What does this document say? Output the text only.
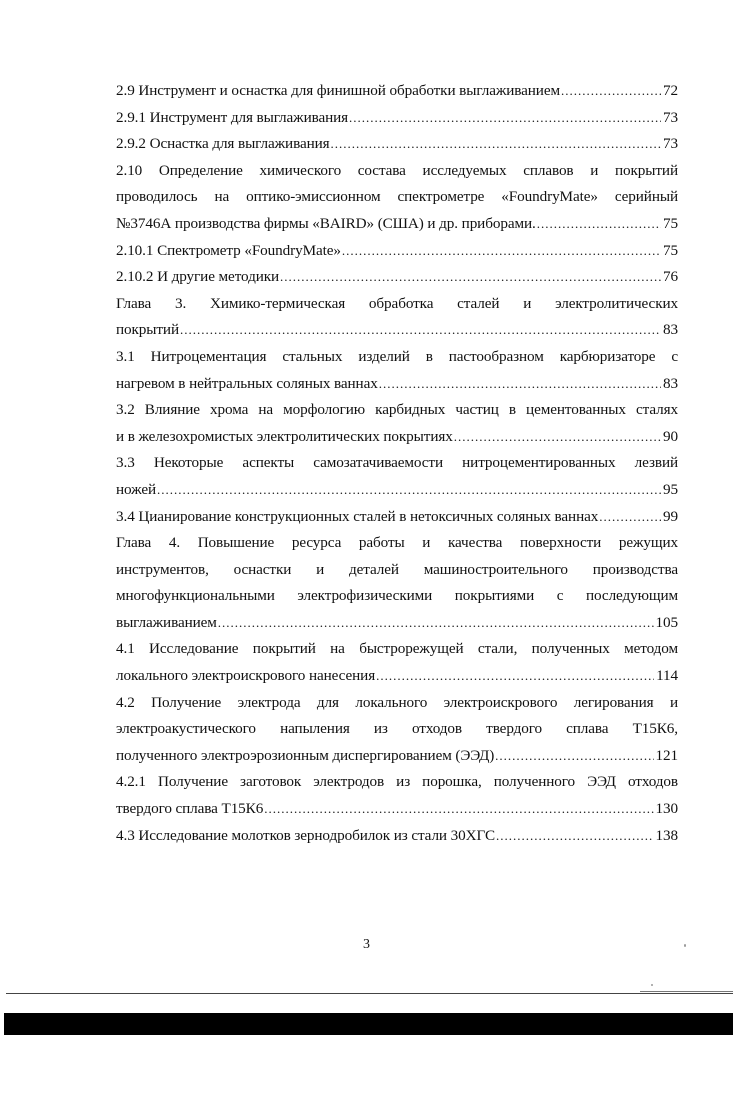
2.9 Инструмент и оснастка для финишной обработки выглаживанием .....	72
2.9.1 Инструмент для выглаживания .....	73
2.9.2 Оснастка для выглаживания .....	73
2.10 Определение химического состава исследуемых сплавов и покрытий
проводилось на оптико-эмиссионном спектрометре «FoundryMate» серийный
№3746А производства фирмы «BAIRD» (США) и др. приборами. .....	75
2.10.1 Спектрометр «FoundryMate» .....	75
2.10.2 И другие методики .....	76
Глава 3. Химико-термическая обработка сталей и электролитических
покрытий .....	83
3.1 Нитроцементация стальных изделий в пастообразном карбюризаторе с
нагревом в нейтральных соляных ваннах .....	83
3.2 Влияние хрома на морфологию карбидных частиц в цементованных сталях
и в железохромистых электролитических покрытиях .....	90
3.3 Некоторые аспекты самозатачиваемости нитроцементированных лезвий
ножей .....	95
3.4 Цианирование конструкционных сталей в нетоксичных соляных ваннах .....	99
Глава 4. Повышение ресурса работы и качества поверхности режущих
инструментов, оснастки и деталей машиностроительного производства
многофункциональными электрофизическими покрытиями с последующим
выглаживанием .....	105
4.1 Исследование покрытий на быстрорежущей стали, полученных методом
локального электроискрового нанесения .....	114
4.2 Получение электрода для локального электроискрового легирования и
электроакустического напыления из отходов твердого сплава Т15К6,
полученного электроэрозионным диспергированием (ЭЭД) .....	121
4.2.1 Получение заготовок электродов из порошка, полученного ЭЭД отходов
твердого сплава Т15К6 .....	130
4.3 Исследование молотков зернодробилок из стали 30ХГС .....	138
3
